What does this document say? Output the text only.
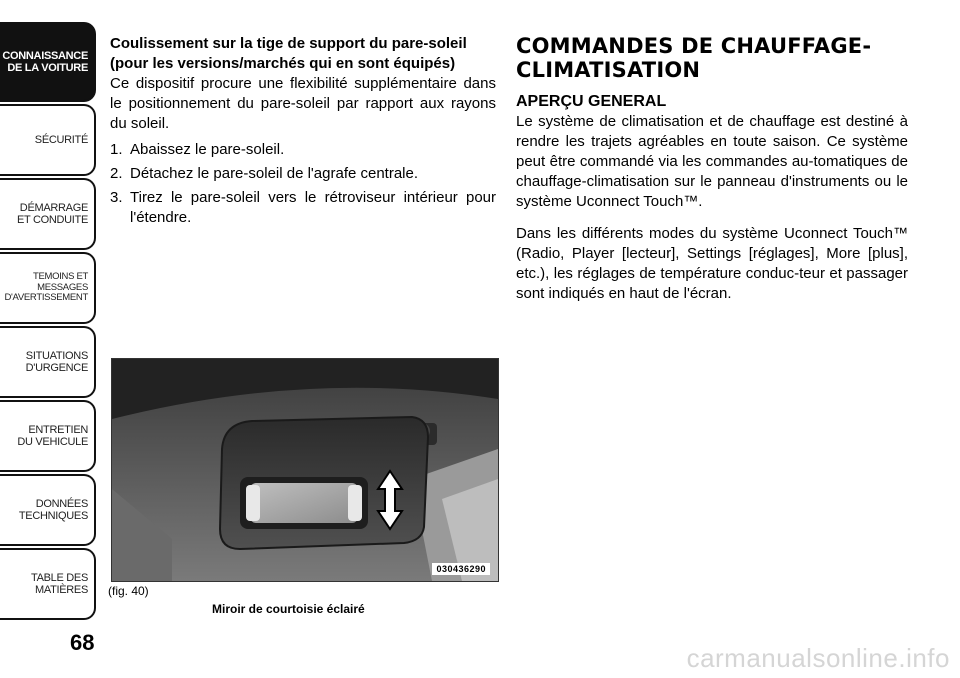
CONNAISSANCE
DE LA VOITURE
SÉCURITÉ
DÉMARRAGE
ET CONDUITE
TEMOINS ET
MESSAGES
D'AVERTISSEMENT
SITUATIONS
D'URGENCE
ENTRETIEN
DU VEHICULE
DONNÉES
TECHNIQUES
TABLE DES
MATIÈRES
68

Coulissement sur la tige de support du pare-soleil (pour les versions/marchés qui en sont équipés)

Ce dispositif procure une flexibilité supplémentaire dans le positionnement du pare-soleil par rapport aux rayons du soleil.

1. Abaissez le pare-soleil.
2. Détachez le pare-soleil de l'agrafe centrale.
3. Tirez le pare-soleil vers le rétroviseur intérieur pour l'étendre.
030436290
(fig. 40)
Miroir de courtoisie éclairé
COMMANDES DE CHAUFFAGE-CLIMATISATION
APERÇU GENERAL

Le système de climatisation et de chauffage est destiné à rendre les trajets agréables en toute saison. Ce système peut être commandé via les commandes au-tomatiques de chauffage-climatisation sur le panneau d'instruments ou le système Uconnect Touch™.

Dans les différents modes du système Uconnect Touch™ (Radio, Player [lecteur], Settings [réglages], More [plus], etc.), les réglages de température conduc-teur et passager sont indiqués en haut de l'écran.

carmanualsonline.info
